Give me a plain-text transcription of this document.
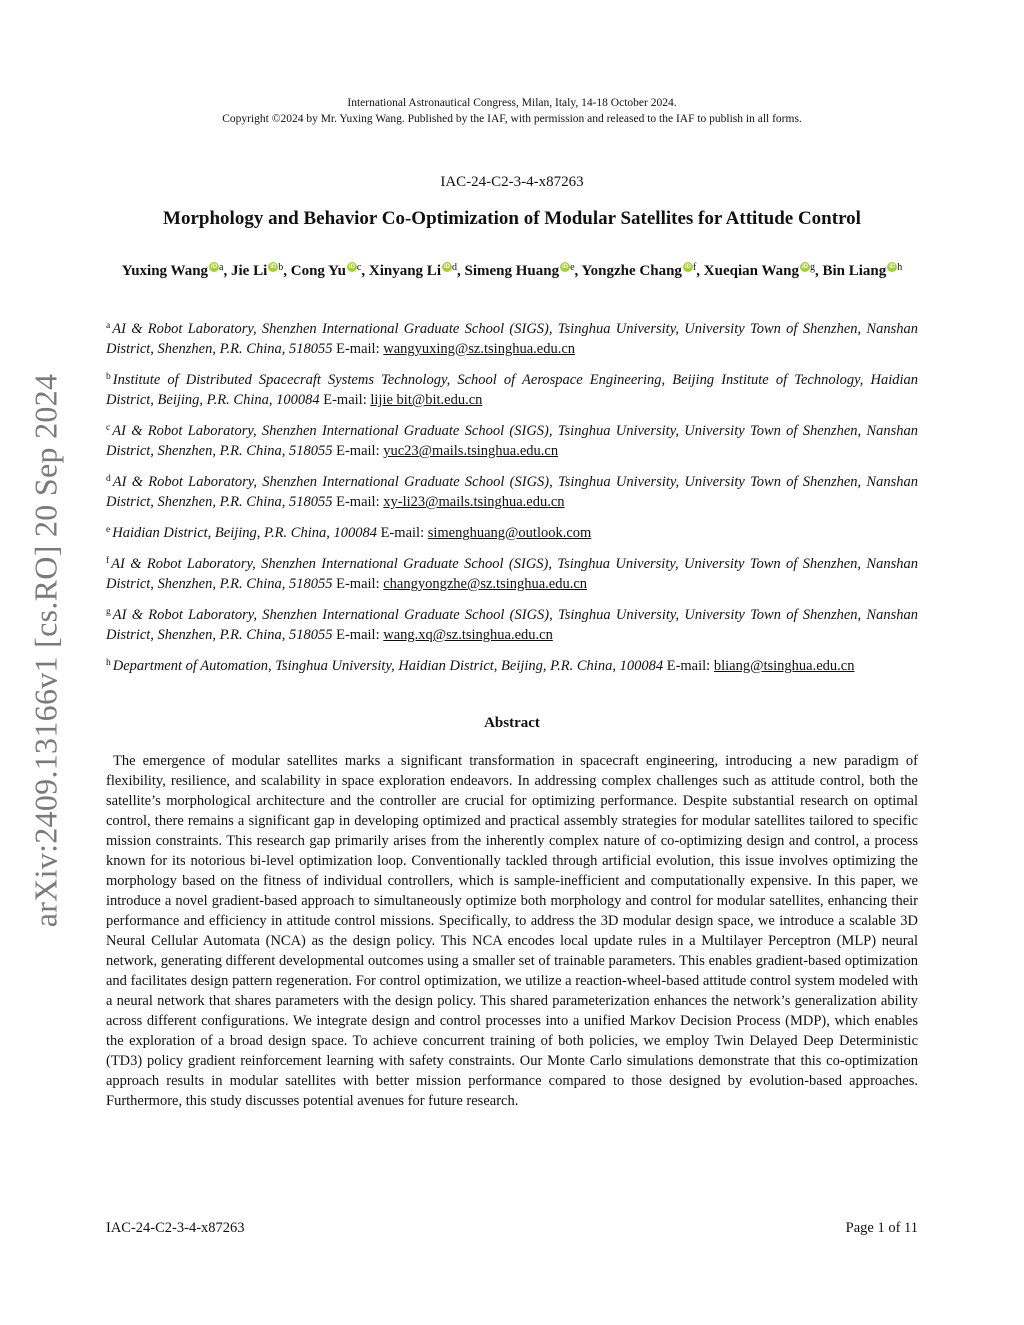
arXiv:2409.13166v1 [cs.RO] 20 Sep 2024
International Astronautical Congress, Milan, Italy, 14-18 October 2024.
Copyright ©2024 by Mr. Yuxing Wang. Published by the IAF, with permission and released to the IAF to publish in all forms.
IAC-24-C2-3-4-x87263
Morphology and Behavior Co-Optimization of Modular Satellites for Attitude Control
Yuxing Wang iD $^a$, Jie Li iD $^b$, Cong Yu iD $^c$, Xinyang Li iD $^d$, Simeng Huang iD $^e$, Yongzhe Chang iD $^f$, Xueqian Wang iD $^g$, Bin Liang iD $^h$
$^a$ AI & Robot Laboratory, Shenzhen International Graduate School (SIGS), Tsinghua University, University Town of Shenzhen, Nanshan District, Shenzhen, P.R. China, 518055 E-mail: wangyuxing@sz.tsinghua.edu.cn
$^b$ Institute of Distributed Spacecraft Systems Technology, School of Aerospace Engineering, Beijing Institute of Technology, Haidian District, Beijing, P.R. China, 100084 E-mail: lijie bit@bit.edu.cn
$^c$ AI & Robot Laboratory, Shenzhen International Graduate School (SIGS), Tsinghua University, University Town of Shenzhen, Nanshan District, Shenzhen, P.R. China, 518055 E-mail: yuc23@mails.tsinghua.edu.cn
$^d$ AI & Robot Laboratory, Shenzhen International Graduate School (SIGS), Tsinghua University, University Town of Shenzhen, Nanshan District, Shenzhen, P.R. China, 518055 E-mail: xy-li23@mails.tsinghua.edu.cn
$^e$ Haidian District, Beijing, P.R. China, 100084 E-mail: simenghuang@outlook.com
$^f$ AI & Robot Laboratory, Shenzhen International Graduate School (SIGS), Tsinghua University, University Town of Shenzhen, Nanshan District, Shenzhen, P.R. China, 518055 E-mail: changyongzhe@sz.tsinghua.edu.cn
$^g$ AI & Robot Laboratory, Shenzhen International Graduate School (SIGS), Tsinghua University, University Town of Shenzhen, Nanshan District, Shenzhen, P.R. China, 518055 E-mail: wang.xq@sz.tsinghua.edu.cn
$^h$ Department of Automation, Tsinghua University, Haidian District, Beijing, P.R. China, 100084 E-mail: bliang@tsinghua.edu.cn
Abstract

The emergence of modular satellites marks a significant transformation in spacecraft engineering, introducing a new paradigm of flexibility, resilience, and scalability in space exploration endeavors. In addressing complex challenges such as attitude control, both the satellite’s morphological architecture and the controller are crucial for optimizing performance. Despite substantial research on optimal control, there remains a significant gap in developing optimized and practical assembly strategies for modular satellites tailored to specific mission constraints. This research gap primarily arises from the inherently complex nature of co-optimizing design and control, a process known for its notorious bi-level optimization loop. Conventionally tackled through artificial evolution, this issue involves optimizing the morphology based on the fitness of individual controllers, which is sample-inefficient and computationally expensive. In this paper, we introduce a novel gradient-based approach to simultaneously optimize both morphology and control for modular satellites, enhancing their performance and efficiency in attitude control missions. Specifically, to address the 3D modular design space, we introduce a scalable 3D Neural Cellular Automata (NCA) as the design policy. This NCA encodes local update rules in a Multilayer Perceptron (MLP) neural network, generating different developmental outcomes using a smaller set of trainable parameters. This enables gradient-based optimization and facilitates design pattern regeneration. For control optimization, we utilize a reaction-wheel-based attitude control system modeled with a neural network that shares parameters with the design policy. This shared parameterization enhances the network’s generalization ability across different configurations. We integrate design and control processes into a unified Markov Decision Process (MDP), which enables the exploration of a broad design space. To achieve concurrent training of both policies, we employ Twin Delayed Deep Deterministic (TD3) policy gradient reinforcement learning with safety constraints. Our Monte Carlo simulations demonstrate that this co-optimization approach results in modular satellites with better mission performance compared to those designed by evolution-based approaches. Furthermore, this study discusses potential avenues for future research.

IAC-24-C2-3-4-x87263	Page 1 of 11
